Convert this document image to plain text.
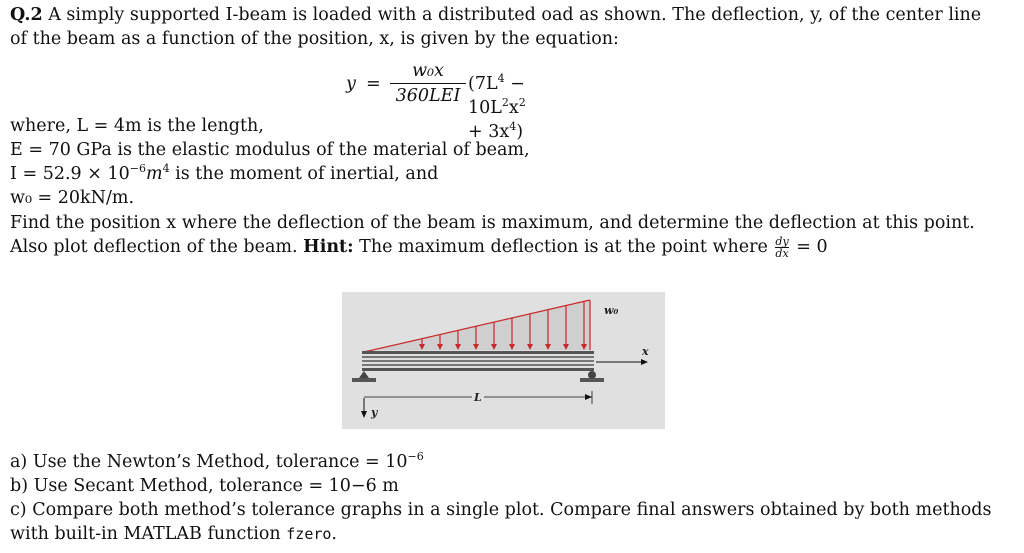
Q.2 A simply supported I-beam is loaded with a distributed oad as shown. The deflection, y, of the center line
of the beam as a function of the position, x, is given by the equation:
y =
w₀x
360LEI
$(7L^4 - 10L^2x^2 + 3x^4)$
where, L = 4m is the length,
E = 70 GPa is the elastic modulus of the material of beam,
$I = 52.9 \times 10^{-6}m^4$ is the moment of inertial, and
w₀ = 20kN/m.
Find the position x where the deflection of the beam is maximum, and determine the deflection at this point.
Also plot deflection of the beam. Hint: The maximum deflection is at the point where $\frac{dy}{dx} = 0$
w₀
x
y
L
a) Use the Newton’s Method, tolerance = $10^{-6}$
b) Use Secant Method, tolerance = 10−6 m
c) Compare both method’s tolerance graphs in a single plot. Compare final answers obtained by both methods
with built-in MATLAB function fzero.
